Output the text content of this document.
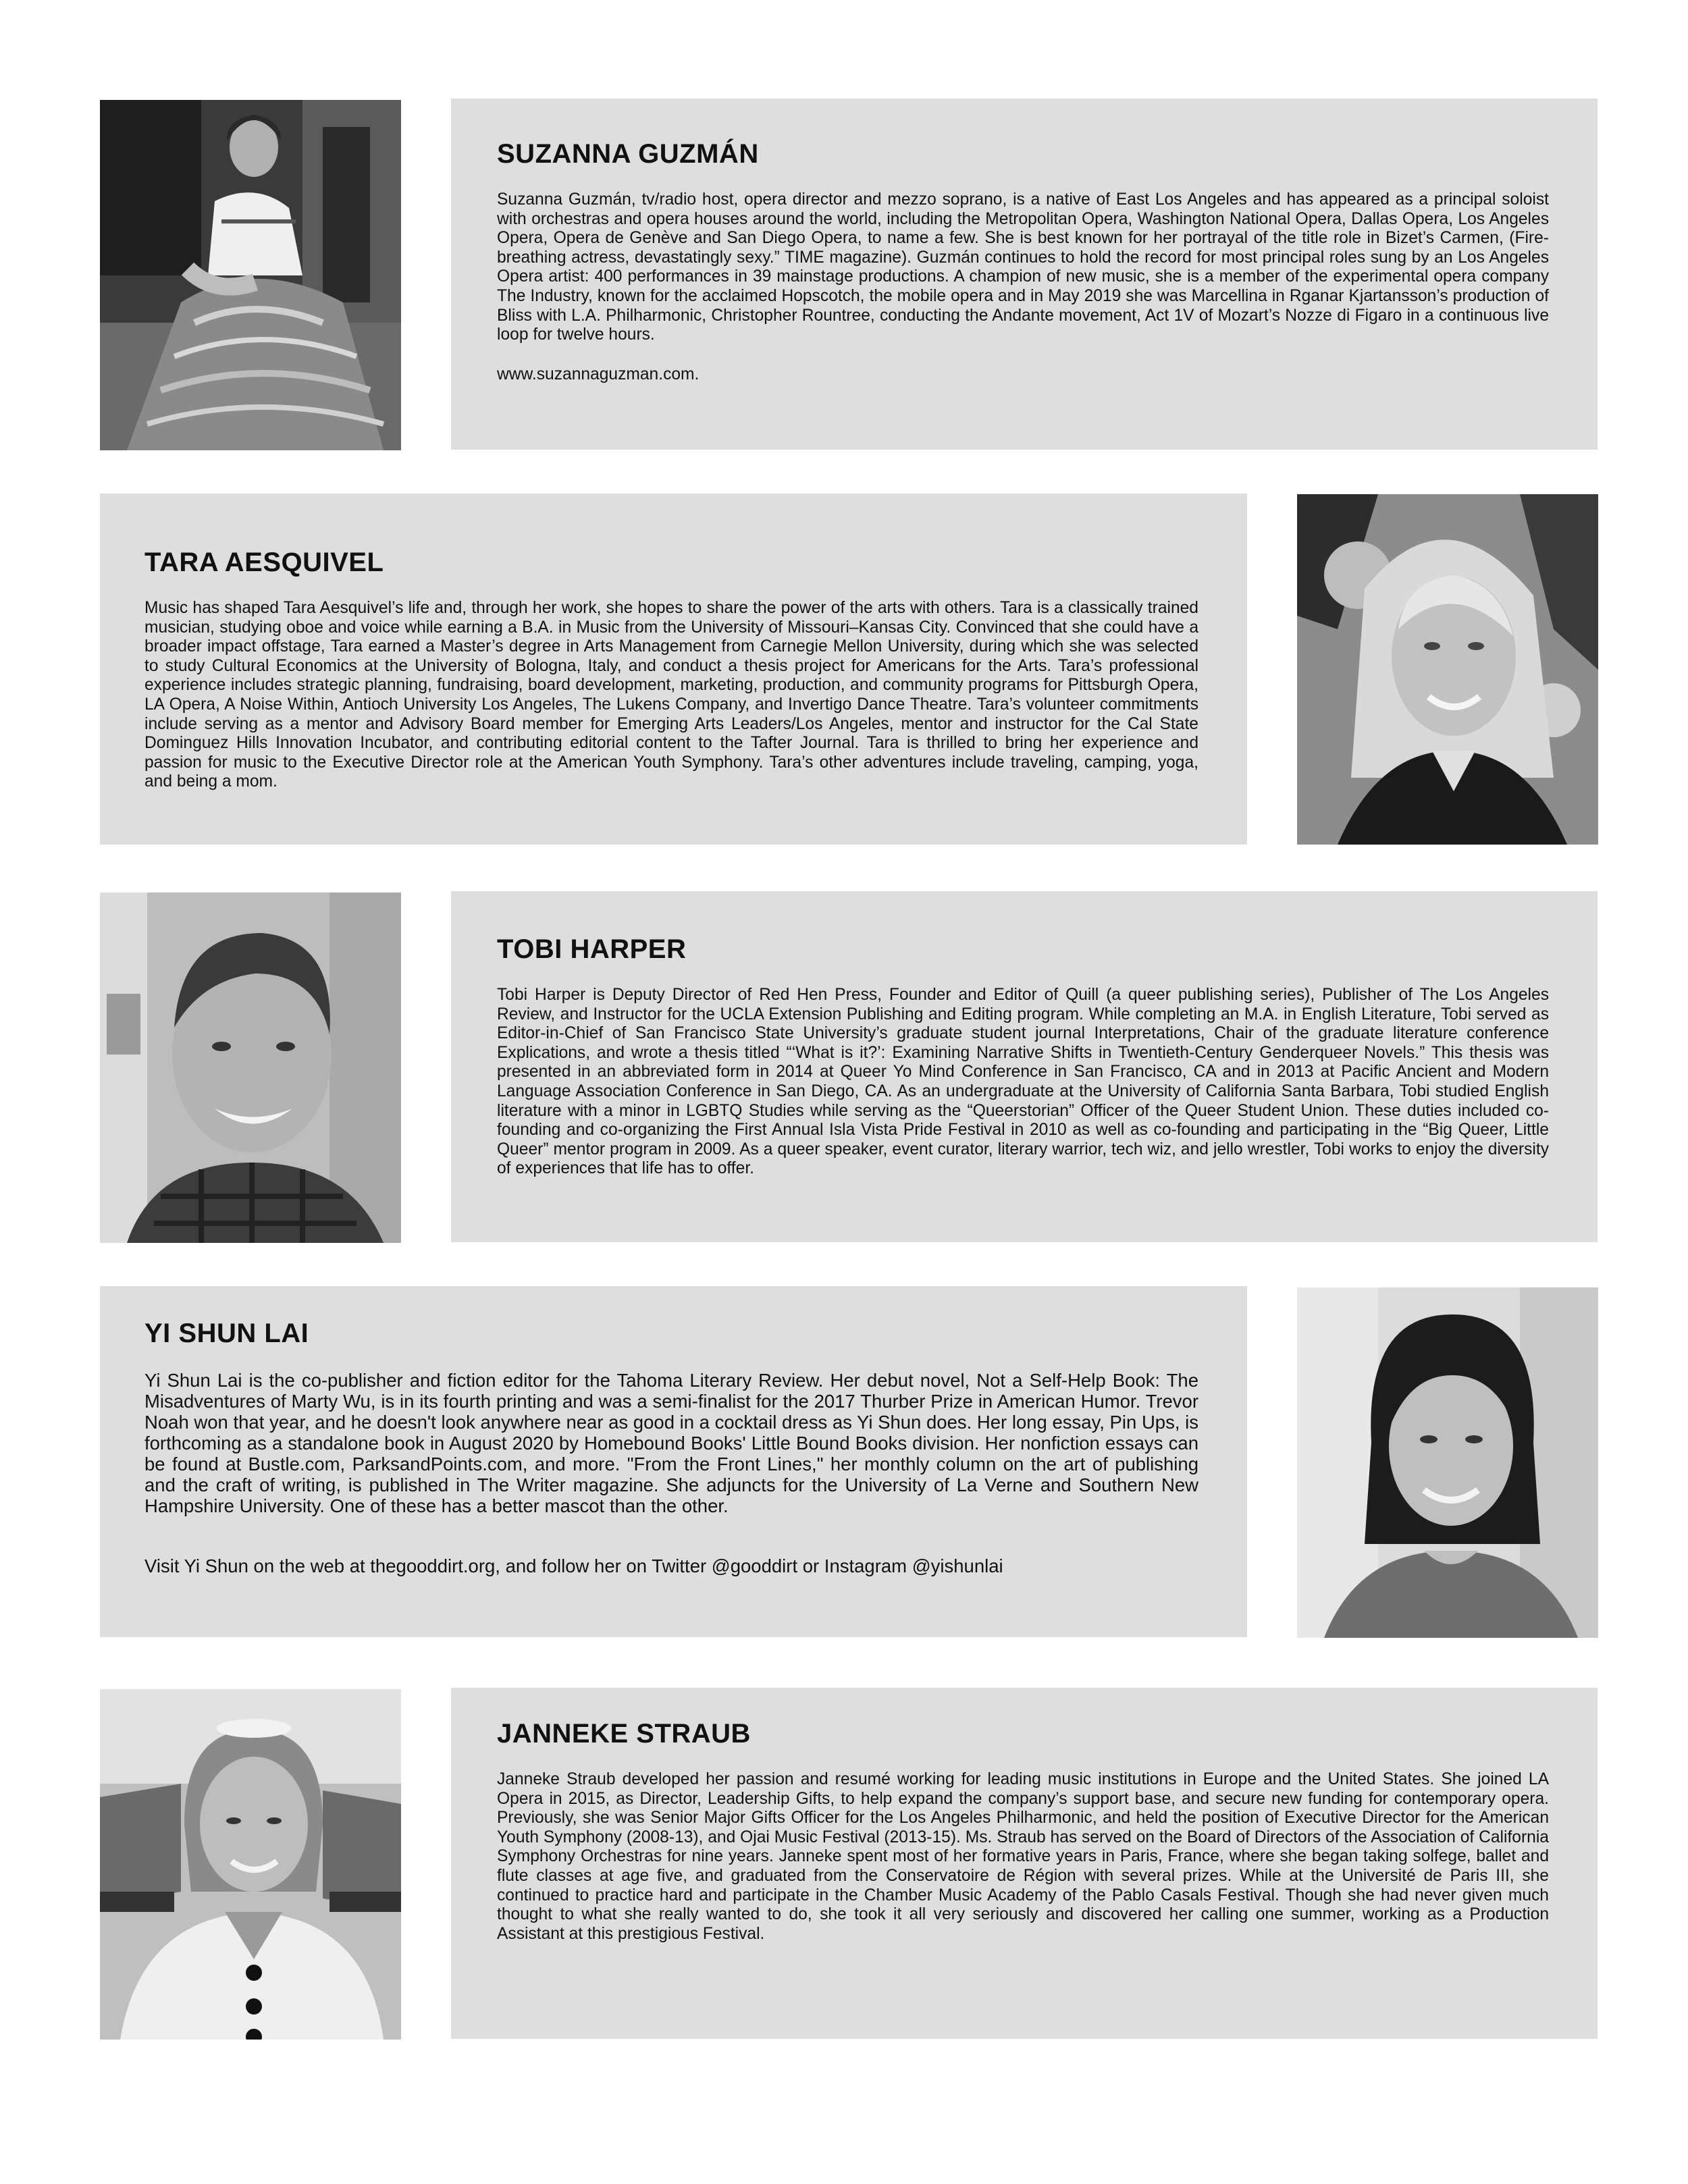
SUZANNA GUZMÁN

Suzanna Guzmán, tv/radio host, opera director and mezzo soprano, is a native of East Los Angeles and has appeared as a principal soloist with orchestras and opera houses around the world, including the Metropolitan Opera, Washington National Opera, Dallas Opera, Los Angeles Opera, Opera de Genève and San Diego Opera, to name a few. She is best known for her portrayal of the title role in Bizet’s Carmen, (Fire-breathing actress, devastatingly sexy.” TIME magazine). Guzmán continues to hold the record for most principal roles sung by an Los Angeles Opera artist: 400 performances in 39 mainstage productions. A champion of new music, she is a member of the experimental opera company The Industry, known for the acclaimed Hopscotch, the mobile opera and in May 2019 she was Marcellina in Rganar Kjartansson’s production of Bliss with L.A. Philharmonic, Christopher Rountree, conducting the Andante movement, Act 1V of Mozart’s Nozze di Figaro in a continuous live loop for twelve hours.

www.suzannaguzman.com.

TARA AESQUIVEL

Music has shaped Tara Aesquivel’s life and, through her work, she hopes to share the power of the arts with others. Tara is a classically trained musician, studying oboe and voice while earning a B.A. in Music from the University of Missouri–Kansas City. Convinced that she could have a broader impact offstage, Tara earned a Master’s degree in Arts Management from Carnegie Mellon University, during which she was selected to study Cultural Economics at the University of Bologna, Italy, and conduct a thesis project for Americans for the Arts. Tara’s professional experience includes strategic planning, fundraising, board development, marketing, production, and community programs for Pittsburgh Opera, LA Opera, A Noise Within, Antioch University Los Angeles, The Lukens Company, and Invertigo Dance Theatre. Tara’s volunteer commitments include serving as a mentor and Advisory Board member for Emerging Arts Leaders/Los Angeles, mentor and instructor for the Cal State Dominguez Hills Innovation Incubator, and contributing editorial content to the Tafter Journal. Tara is thrilled to bring her experience and passion for music to the Executive Director role at the American Youth Symphony. Tara’s other adventures include traveling, camping, yoga, and being a mom.

TOBI HARPER

Tobi Harper is Deputy Director of Red Hen Press, Founder and Editor of Quill (a queer publishing series), Publisher of The Los Angeles Review, and Instructor for the UCLA Extension Publishing and Editing program. While completing an M.A. in English Literature, Tobi served as Editor-in-Chief of San Francisco State University’s graduate student journal Interpretations, Chair of the graduate literature conference Explications, and wrote a thesis titled “‘What is it?’: Examining Narrative Shifts in Twentieth-Century Genderqueer Novels.” This thesis was presented in an abbreviated form in 2014 at Queer Yo Mind Conference in San Francisco, CA and in 2013 at Pacific Ancient and Modern Language Association Conference in San Diego, CA. As an undergraduate at the University of California Santa Barbara, Tobi studied English literature with a minor in LGBTQ Studies while serving as the “Queerstorian” Officer of the Queer Student Union. These duties included co-founding and co-organizing the First Annual Isla Vista Pride Festival in 2010 as well as co-founding and participating in the “Big Queer, Little Queer” mentor program in 2009. As a queer speaker, event curator, literary warrior, tech wiz, and jello wrestler, Tobi works to enjoy the diversity of experiences that life has to offer.

YI SHUN LAI

Yi Shun Lai is the co-publisher and fiction editor for the Tahoma Literary Review. Her debut novel, Not a Self-Help Book: The Misadventures of Marty Wu, is in its fourth printing and was a semi-finalist for the 2017 Thurber Prize in American Humor. Trevor Noah won that year, and he doesn't look anywhere near as good in a cocktail dress as Yi Shun does. Her long essay, Pin Ups, is forthcoming as a standalone book in August 2020 by Homebound Books' Little Bound Books division. Her nonfiction essays can be found at Bustle.com, ParksandPoints.com, and more. "From the Front Lines," her monthly column on the art of publishing and the craft of writing, is published in The Writer magazine. She adjuncts for the University of La Verne and Southern New Hampshire University. One of these has a better mascot than the other.

Visit Yi Shun on the web at thegooddirt.org, and follow her on Twitter @gooddirt or Instagram @yishunlai

JANNEKE STRAUB

Janneke Straub developed her passion and resumé working for leading music institutions in Europe and the United States. She joined LA Opera in 2015, as Director, Leadership Gifts, to help expand the company’s support base, and secure new funding for contemporary opera. Previously, she was Senior Major Gifts Officer for the Los Angeles Philharmonic, and held the position of Executive Director for the American Youth Symphony (2008-13), and Ojai Music Festival (2013-15). Ms. Straub has served on the Board of Directors of the Association of California Symphony Orchestras for nine years. Janneke spent most of her formative years in Paris, France, where she began taking solfege, ballet and flute classes at age five, and graduated from the Conservatoire de Région with several prizes. While at the Université de Paris III, she continued to practice hard and participate in the Chamber Music Academy of the Pablo Casals Festival. Though she had never given much thought to what she really wanted to do, she took it all very seriously and discovered her calling one summer, working as a Production Assistant at this prestigious Festival.
